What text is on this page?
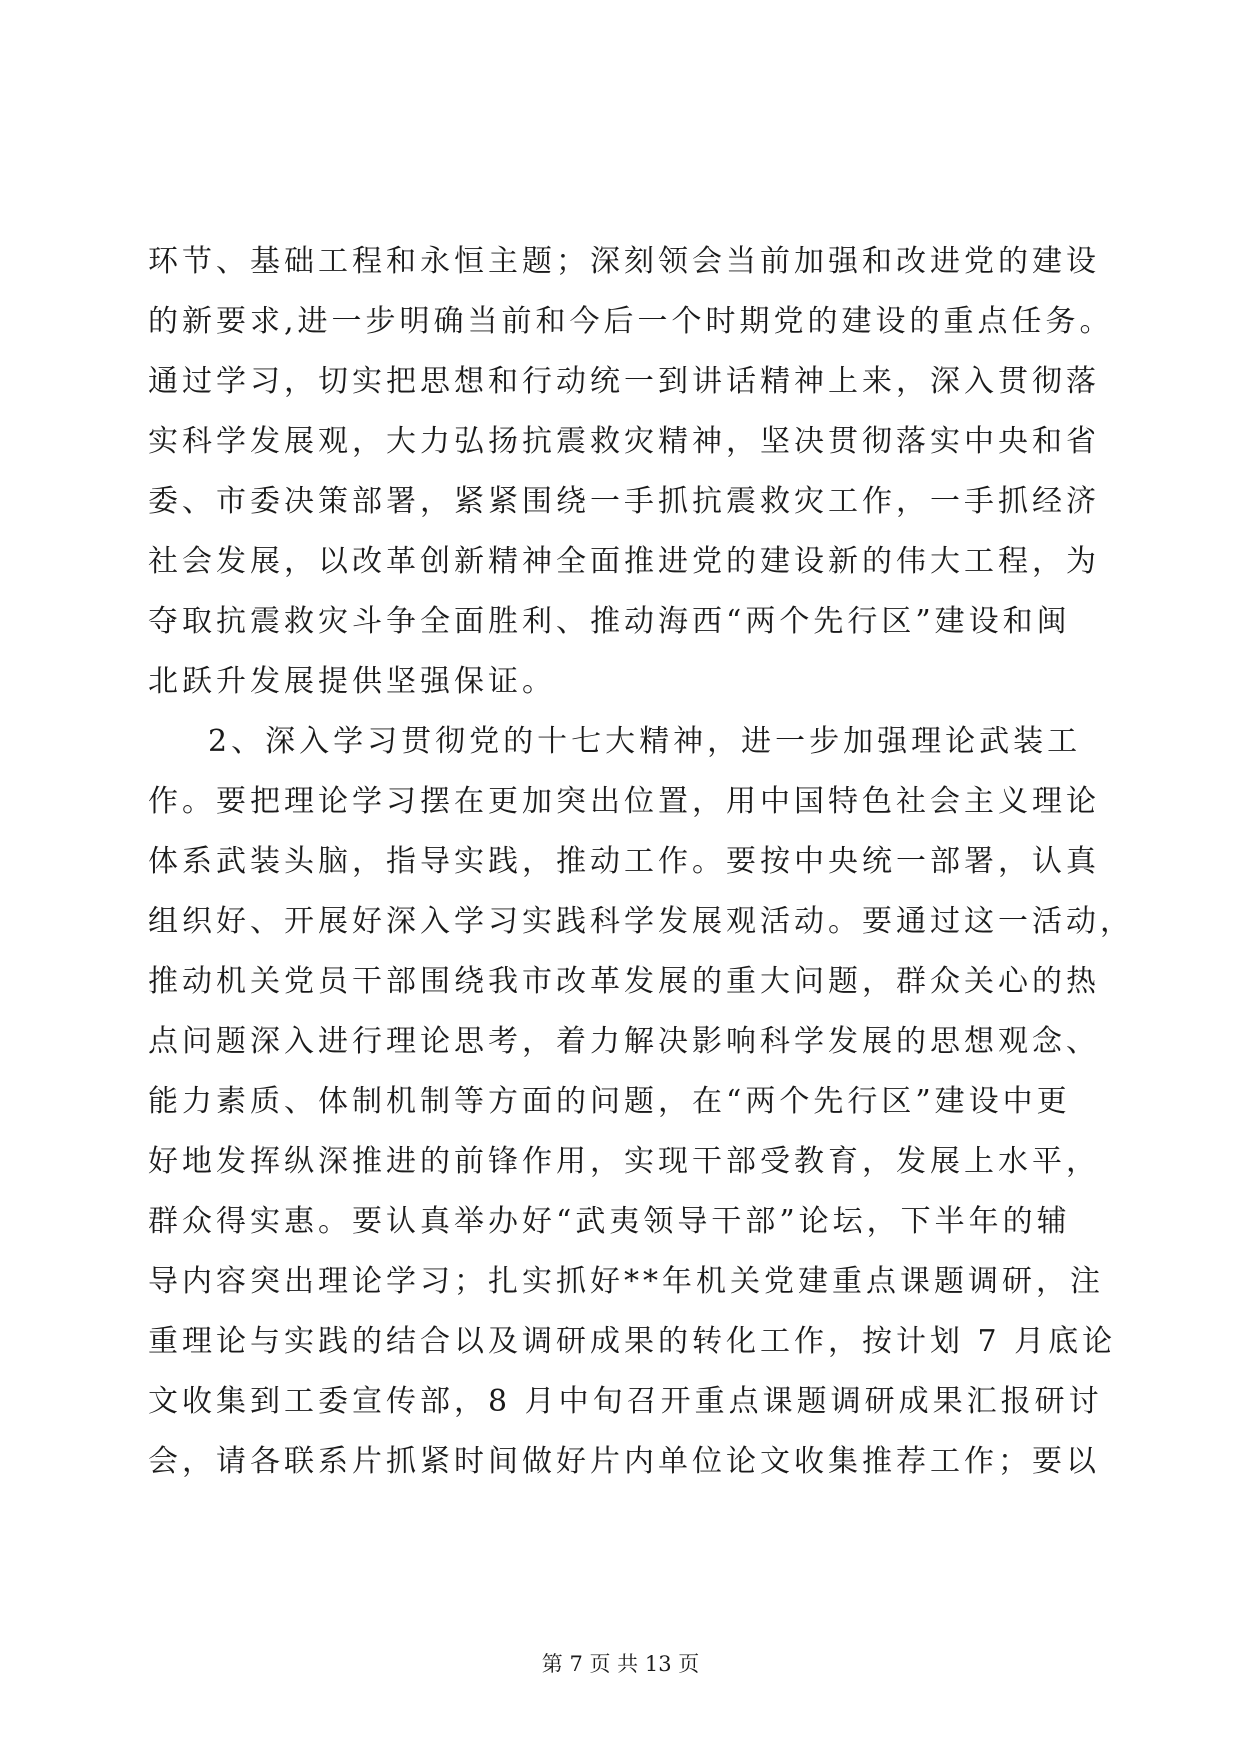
环节、基础工程和永恒主题；深刻领会当前加强和改进党的建设
的新要求,进一步明确当前和今后一个时期党的建设的重点任务。
通过学习，切实把思想和行动统一到讲话精神上来，深入贯彻落
实科学发展观，大力弘扬抗震救灾精神，坚决贯彻落实中央和省
委、市委决策部署，紧紧围绕一手抓抗震救灾工作，一手抓经济
社会发展，以改革创新精神全面推进党的建设新的伟大工程，为
夺取抗震救灾斗争全面胜利、推动海西“两个先行区”建设和闽
北跃升发展提供坚强保证。
2、深入学习贯彻党的十七大精神，进一步加强理论武装工
作。要把理论学习摆在更加突出位置，用中国特色社会主义理论
体系武装头脑，指导实践，推动工作。要按中央统一部署，认真
组织好、开展好深入学习实践科学发展观活动。要通过这一活动，
推动机关党员干部围绕我市改革发展的重大问题，群众关心的热
点问题深入进行理论思考，着力解决影响科学发展的思想观念、
能力素质、体制机制等方面的问题，在“两个先行区”建设中更
好地发挥纵深推进的前锋作用，实现干部受教育，发展上水平，
群众得实惠。要认真举办好“武夷领导干部”论坛，下半年的辅
导内容突出理论学习；扎实抓好**年机关党建重点课题调研，注
重理论与实践的结合以及调研成果的转化工作，按计划 7 月底论
文收集到工委宣传部，8 月中旬召开重点课题调研成果汇报研讨
会，请各联系片抓紧时间做好片内单位论文收集推荐工作；要以
第 7 页 共 13 页
